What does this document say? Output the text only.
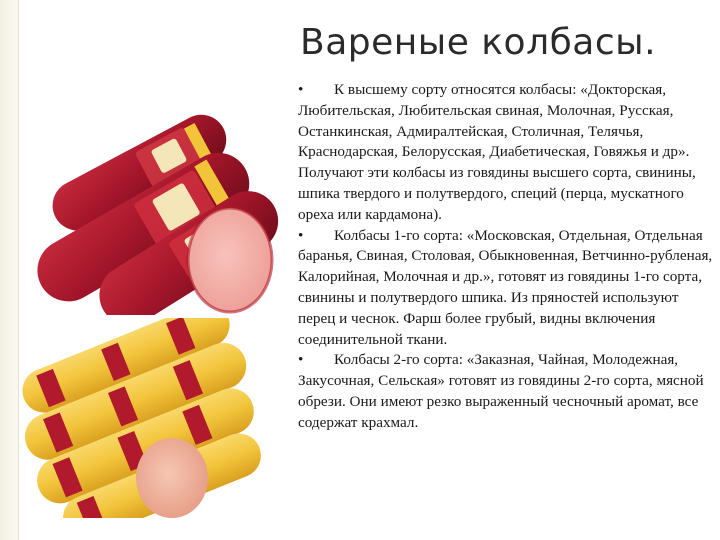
Вареные колбасы.

• К высшему сорту относятся колбасы: «Докторская, Любительская, Любительская свиная, Молочная, Русская, Останкинская, Адмиралтейская, Столичная, Телячья, Краснодарская, Белорусская, Диабетическая, Говяжья и др». Получают эти колбасы из говядины высшего сорта, свинины, шпика твердого и полутвердого, специй (перца, мускатного ореха или кардамона).

• Колбасы 1-го сорта: «Московская, Отдельная, Отдельная баранья, Свиная, Столовая, Обыкновенная, Ветчинно-рубленая, Калорийная, Молочная и др.», готовят из говядины 1-го сорта, свинины и полутвердого шпика. Из пряностей используют перец и чеснок. Фарш более грубый, видны включения соединительной ткани.

• Колбасы 2-го сорта: «Заказная, Чайная, Молодежная, Закусочная, Сельская» готовят из говядины 2-го сорта, мясной обрези. Они имеют резко выраженный чесночный аромат, все содержат крахмал.
